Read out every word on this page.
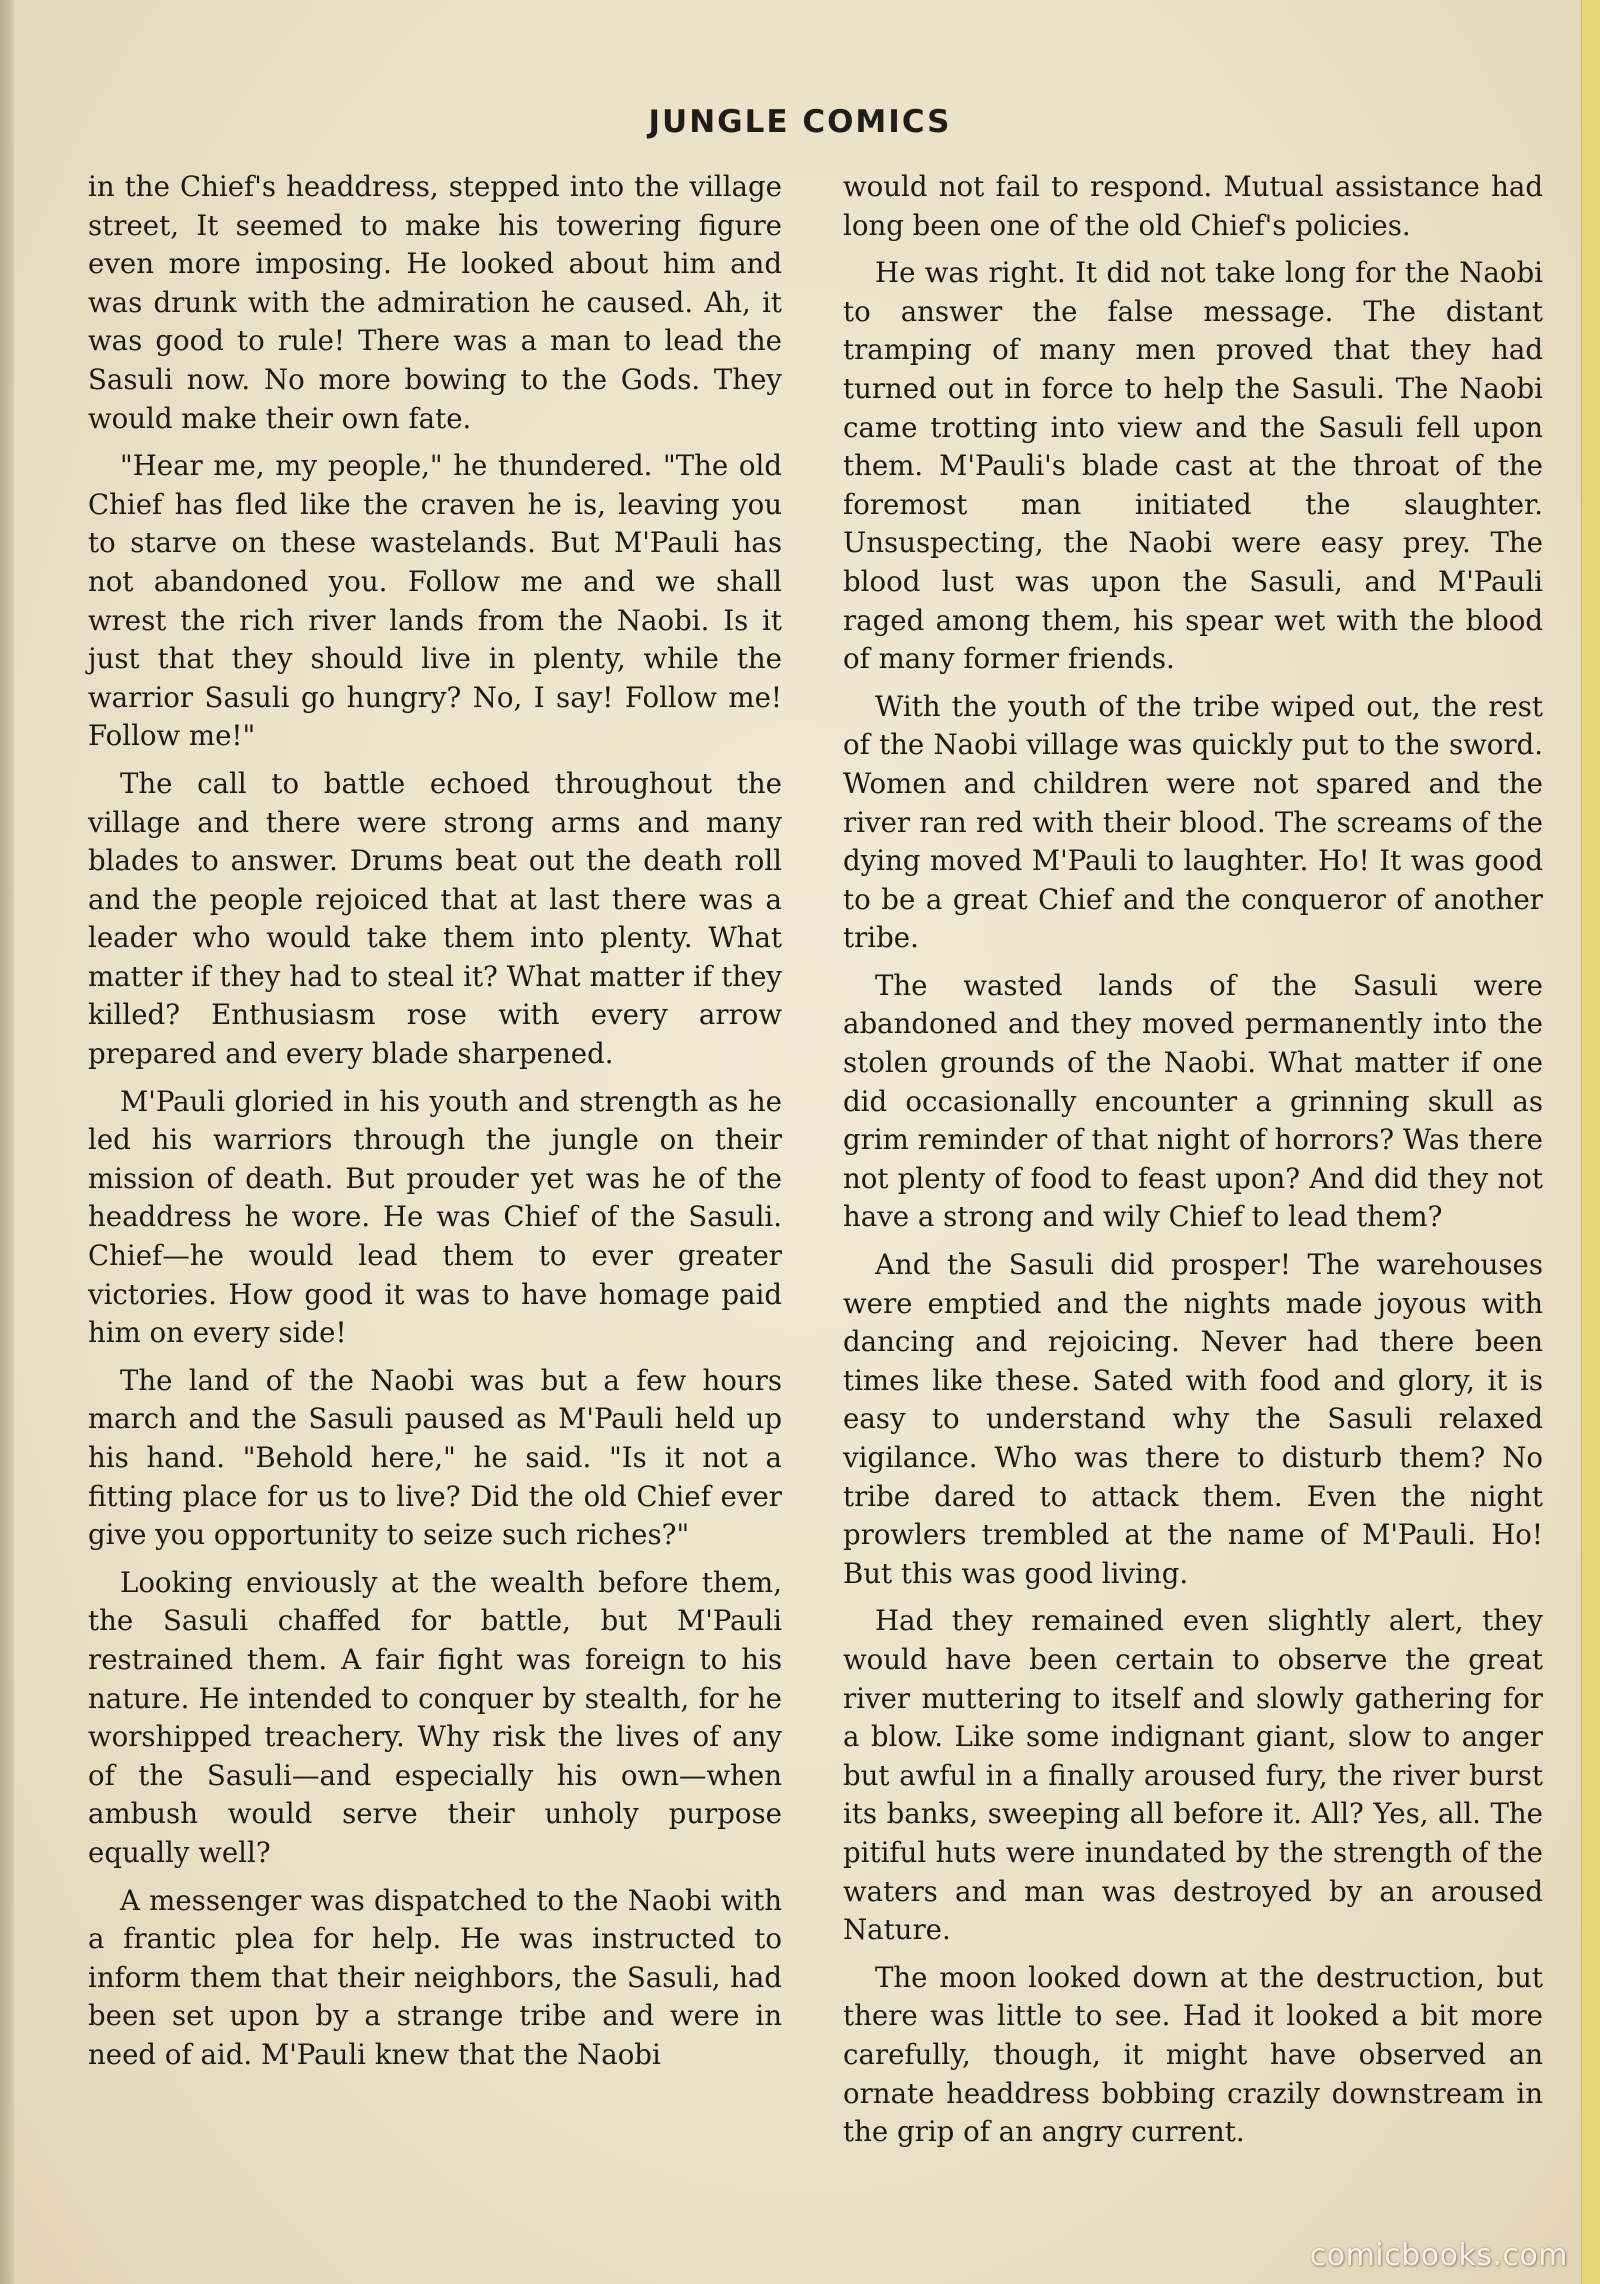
JUNGLE COMICS

in the Chief's headdress, stepped into the village street, It seemed to make his towering figure even more imposing. He looked about him and was drunk with the admiration he caused. Ah, it was good to rule! There was a man to lead the Sasuli now. No more bowing to the Gods. They would make their own fate.

"Hear me, my people," he thundered. "The old Chief has fled like the craven he is, leaving you to starve on these wastelands. But M'Pauli has not abandoned you. Follow me and we shall wrest the rich river lands from the Naobi. Is it just that they should live in plenty, while the warrior Sasuli go hungry? No, I say! Follow me! Follow me!"

The call to battle echoed throughout the village and there were strong arms and many blades to answer. Drums beat out the death roll and the people rejoiced that at last there was a leader who would take them into plenty. What matter if they had to steal it? What matter if they killed? Enthusiasm rose with every arrow prepared and every blade sharpened.

M'Pauli gloried in his youth and strength as he led his warriors through the jungle on their mission of death. But prouder yet was he of the headdress he wore. He was Chief of the Sasuli. Chief—he would lead them to ever greater victories. How good it was to have homage paid him on every side!

The land of the Naobi was but a few hours march and the Sasuli paused as M'Pauli held up his hand. "Behold here," he said. "Is it not a fitting place for us to live? Did the old Chief ever give you opportunity to seize such riches?"

Looking enviously at the wealth before them, the Sasuli chaffed for battle, but M'Pauli restrained them. A fair fight was foreign to his nature. He intended to conquer by stealth, for he worshipped treachery. Why risk the lives of any of the Sasuli—and especially his own—when ambush would serve their unholy purpose equally well?

A messenger was dispatched to the Naobi with a frantic plea for help. He was instructed to inform them that their neighbors, the Sasuli, had been set upon by a strange tribe and were in need of aid. M'Pauli knew that the Naobi

would not fail to respond. Mutual assistance had long been one of the old Chief's policies.

He was right. It did not take long for the Naobi to answer the false message. The distant tramping of many men proved that they had turned out in force to help the Sasuli. The Naobi came trotting into view and the Sasuli fell upon them. M'Pauli's blade cast at the throat of the foremost man initiated the slaughter. Unsuspecting, the Naobi were easy prey. The blood lust was upon the Sasuli, and M'Pauli raged among them, his spear wet with the blood of many former friends.

With the youth of the tribe wiped out, the rest of the Naobi village was quickly put to the sword. Women and children were not spared and the river ran red with their blood. The screams of the dying moved M'Pauli to laughter. Ho! It was good to be a great Chief and the conqueror of another tribe.

The wasted lands of the Sasuli were abandoned and they moved permanently into the stolen grounds of the Naobi. What matter if one did occasionally encounter a grinning skull as grim reminder of that night of horrors? Was there not plenty of food to feast upon? And did they not have a strong and wily Chief to lead them?

And the Sasuli did prosper! The warehouses were emptied and the nights made joyous with dancing and rejoicing. Never had there been times like these. Sated with food and glory, it is easy to understand why the Sasuli relaxed vigilance. Who was there to disturb them? No tribe dared to attack them. Even the night prowlers trembled at the name of M'Pauli. Ho! But this was good living.

Had they remained even slightly alert, they would have been certain to observe the great river muttering to itself and slowly gathering for a blow. Like some indignant giant, slow to anger but awful in a finally aroused fury, the river burst its banks, sweeping all before it. All? Yes, all. The pitiful huts were inundated by the strength of the waters and man was destroyed by an aroused Nature.

The moon looked down at the destruction, but there was little to see. Had it looked a bit more carefully, though, it might have observed an ornate headdress bobbing crazily downstream in the grip of an angry current.

comicbooks.com
